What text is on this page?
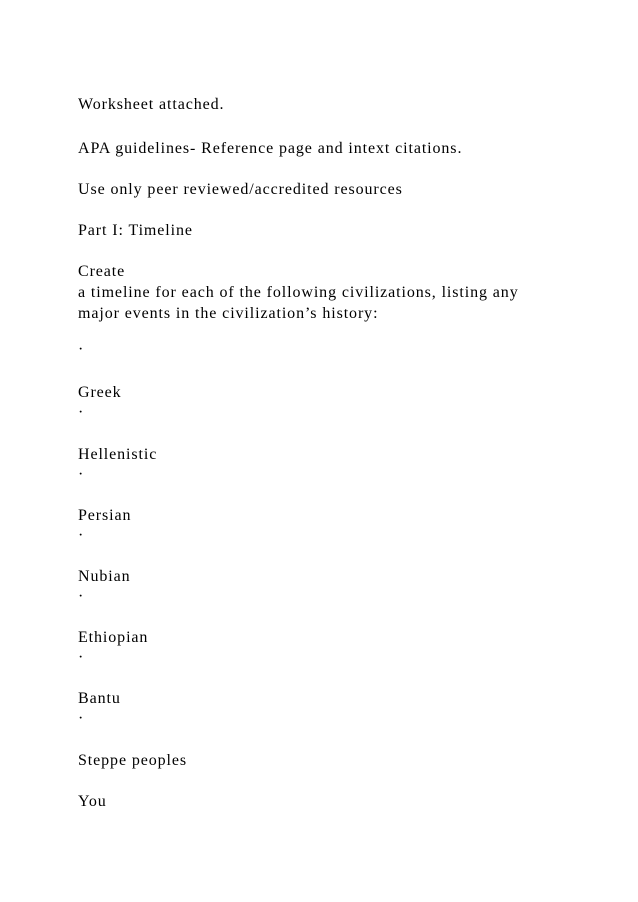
Worksheet attached.
APA guidelines- Reference page and intext citations.
Use only peer reviewed/accredited resources
Part I: Timeline
Create
a timeline for each of the following civilizations, listing any
major events in the civilization’s history:
·
Greek
·
Hellenistic
·
Persian
·
Nubian
·
Ethiopian
·
Bantu
·
Steppe peoples
You
